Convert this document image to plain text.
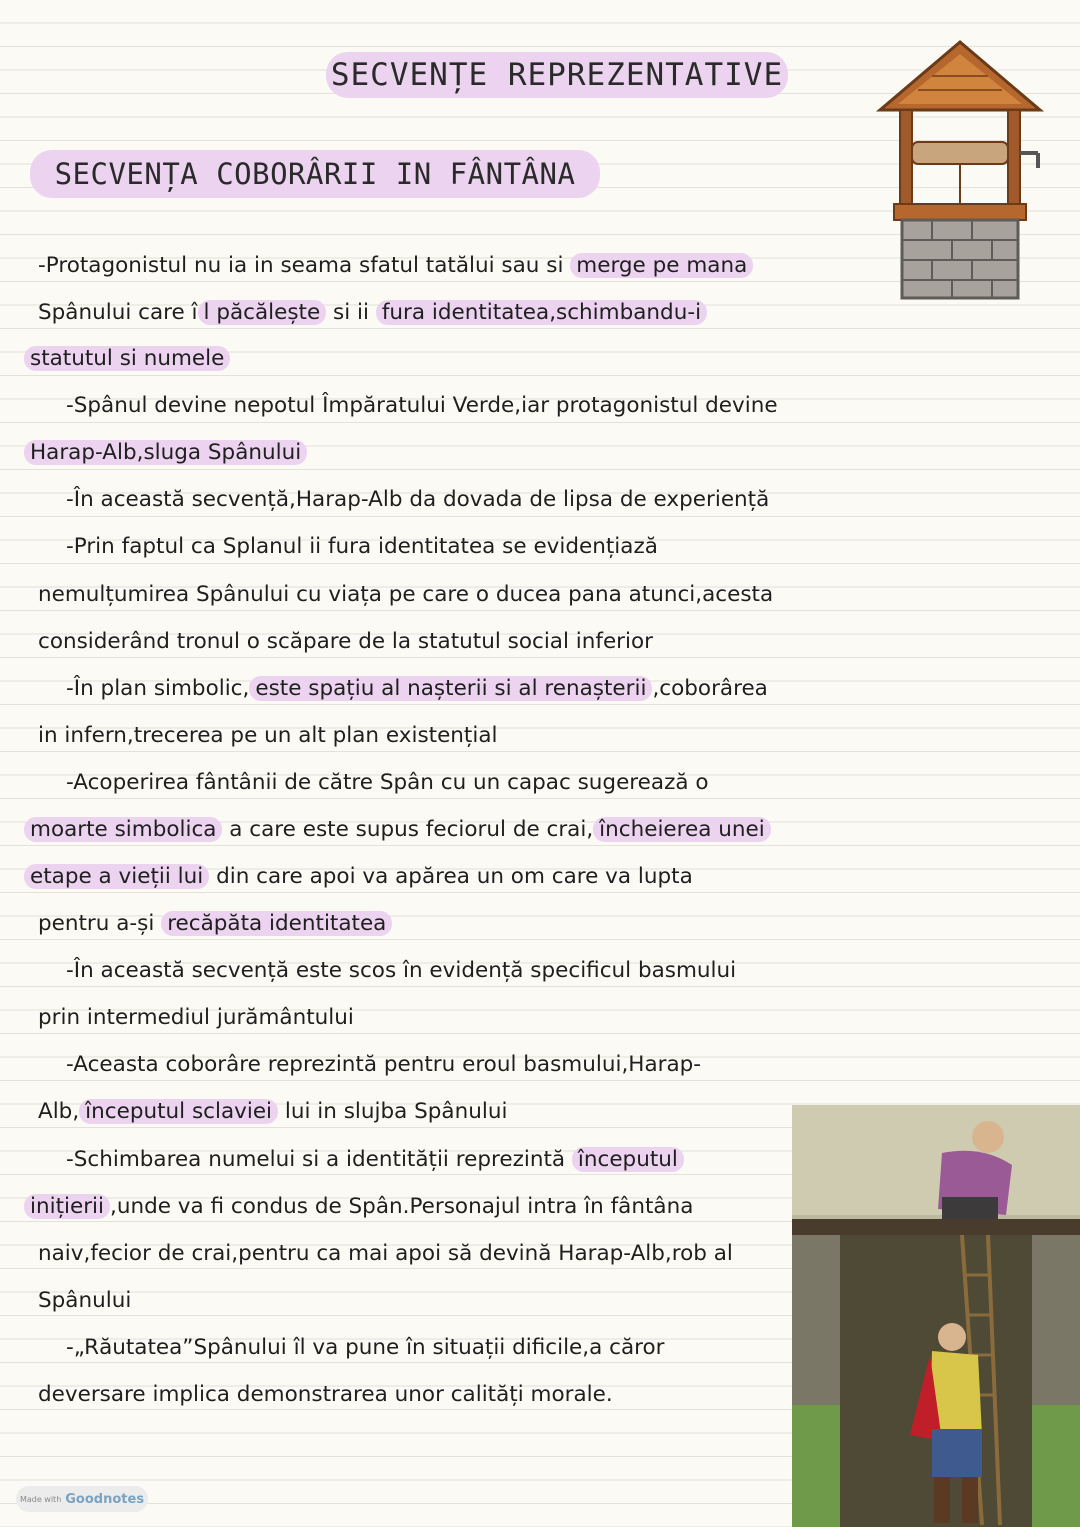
SECVENȚE REPREZENTATIVE
SECVENȚA COBORÂRII IN FÂNTÂNA
-Protagonistul nu ia in seama sfatul tatălui sau si merge pe mana
Spânului care î l păcălește si ii fura identitatea,schimbandu-i
statutul si numele
-Spânul devine nepotul Împăratului Verde,iar protagonistul devine
Harap-Alb,sluga Spânului
-În această secvență,Harap-Alb da dovada de lipsa de experiență
-Prin faptul ca Splanul ii fura identitatea se evidențiază
nemulțumirea Spânului cu viața pe care o ducea pana atunci,acesta
considerând tronul o scăpare de la statutul social inferior
-În plan simbolic, este spațiu al nașterii si al renașterii ,coborârea
in infern,trecerea pe un alt plan existențial
-Acoperirea fântânii de către Spân cu un capac sugerează o
moarte simbolica a care este supus feciorul de crai, încheierea unei
etape a vieții lui din care apoi va apărea un om care va lupta
pentru a-și recăpăta identitatea
-În această secvență este scos în evidență specificul basmului
prin intermediul jurământului
-Aceasta coborâre reprezintă pentru eroul basmului,Harap-
Alb, începutul sclaviei lui in slujba Spânului
-Schimbarea numelui si a identității reprezintă începutul
inițierii ,unde va fi condus de Spân.Personajul intra în fântâna
naiv,fecior de crai,pentru ca mai apoi să devină Harap-Alb,rob al
Spânului
-„Răutatea”Spânului îl va pune în situații dificile,a căror
deversare implica demonstrarea unor calități morale.
Made with Goodnotes
